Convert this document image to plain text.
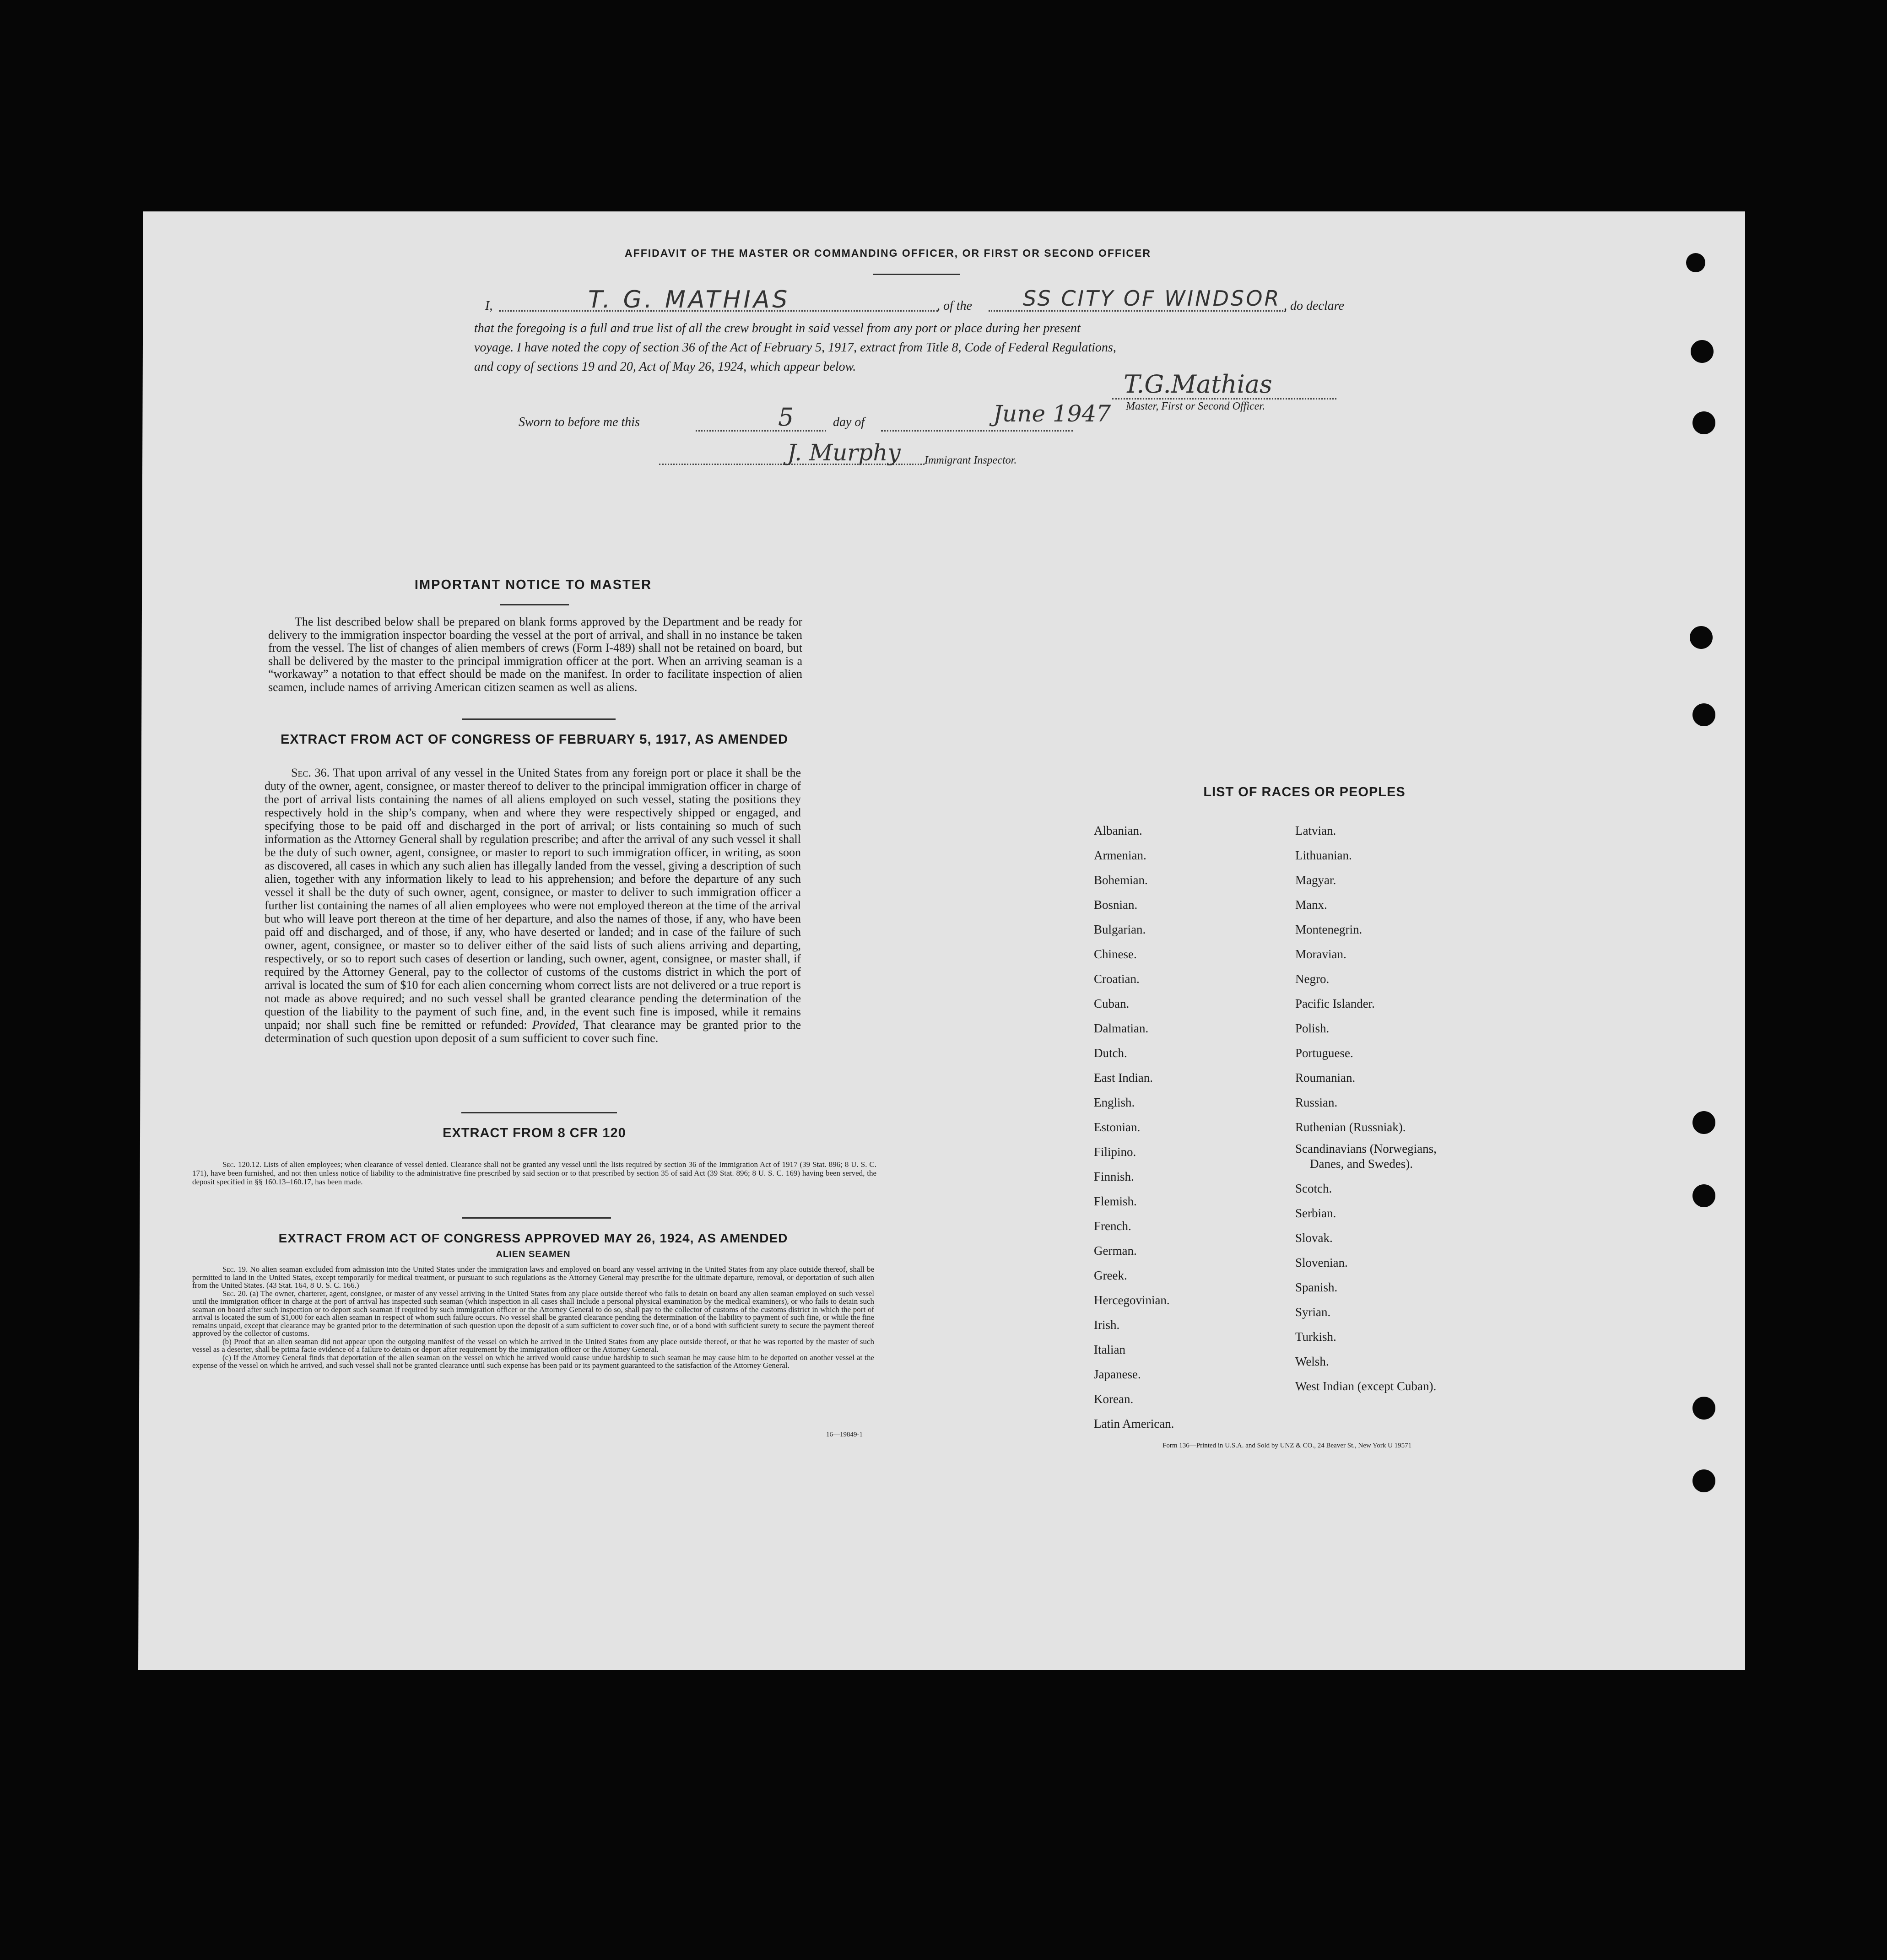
AFFIDAVIT OF THE MASTER OR COMMANDING OFFICER, OR FIRST OR SECOND OFFICER
I,	T. G. MATHIAS	, of the SS CITY OF WINDSOR , do declare
that the foregoing is a full and true list of all the crew brought in said vessel from any port or place during her present
voyage. I have noted the copy of section 36 of the Act of February 5, 1917, extract from Title 8, Code of Federal Regulations,
and copy of sections 19 and 20, Act of May 26, 1924, which appear below.
T.G.Mathias
Master, First or Second Officer.
Sworn to before me this	5	day of	June 1947
J. Murphy Immigrant Inspector.
IMPORTANT NOTICE TO MASTER
The list described below shall be prepared on blank forms approved by the Department and be ready for delivery to the immigration inspector boarding the vessel at the port of arrival, and shall in no instance be taken from the vessel. The list of changes of alien members of crews (Form I-489) shall not be retained on board, but shall be delivered by the master to the principal immigration officer at the port. When an arriving seaman is a “workaway” a notation to that effect should be made on the manifest. In order to facilitate inspection of alien seamen, include names of arriving American citizen seamen as well as aliens.
EXTRACT FROM ACT OF CONGRESS OF FEBRUARY 5, 1917, AS AMENDED
Sec. 36. That upon arrival of any vessel in the United States from any foreign port or place it shall be the duty of the owner, agent, consignee, or master thereof to deliver to the principal immigration officer in charge of the port of arrival lists containing the names of all aliens employed on such vessel, stating the positions they respectively hold in the ship’s company, when and where they were respectively shipped or engaged, and specifying those to be paid off and discharged in the port of arrival; or lists containing so much of such information as the Attorney General shall by regulation prescribe; and after the arrival of any such vessel it shall be the duty of such owner, agent, consignee, or master to report to such immigration officer, in writing, as soon as discovered, all cases in which any such alien has illegally landed from the vessel, giving a description of such alien, together with any information likely to lead to his apprehension; and before the departure of any such vessel it shall be the duty of such owner, agent, consignee, or master to deliver to such immigration officer a further list containing the names of all alien employees who were not employed thereon at the time of the arrival but who will leave port thereon at the time of her departure, and also the names of those, if any, who have been paid off and discharged, and of those, if any, who have deserted or landed; and in case of the failure of such owner, agent, consignee, or master so to deliver either of the said lists of such aliens arriving and departing, respectively, or so to report such cases of desertion or landing, such owner, agent, consignee, or master shall, if required by the Attorney General, pay to the collector of customs of the customs district in which the port of arrival is located the sum of $10 for each alien concerning whom correct lists are not delivered or a true report is not made as above required; and no such vessel shall be granted clearance pending the determination of the question of the liability to the payment of such fine, and, in the event such fine is imposed, while it remains unpaid; nor shall such fine be remitted or refunded: Provided, That clearance may be granted prior to the determination of such question upon deposit of a sum sufficient to cover such fine.
EXTRACT FROM 8 CFR 120
Sec. 120.12. Lists of alien employees; when clearance of vessel denied. Clearance shall not be granted any vessel until the lists required by section 36 of the Immigration Act of 1917 (39 Stat. 896; 8 U. S. C. 171), have been furnished, and not then unless notice of liability to the administrative fine prescribed by said section or to that prescribed by section 35 of said Act (39 Stat. 896; 8 U. S. C. 169) having been served, the deposit specified in §§ 160.13–160.17, has been made.
EXTRACT FROM ACT OF CONGRESS APPROVED MAY 26, 1924, AS AMENDED
ALIEN SEAMEN
Sec. 19. No alien seaman excluded from admission into the United States under the immigration laws and employed on board any vessel arriving in the United States from any place outside thereof, shall be permitted to land in the United States, except temporarily for medical treatment, or pursuant to such regulations as the Attorney General may prescribe for the ultimate departure, removal, or deportation of such alien from the United States. (43 Stat. 164, 8 U. S. C. 166.)
Sec. 20. (a) The owner, charterer, agent, consignee, or master of any vessel arriving in the United States from any place outside thereof who fails to detain on board any alien seaman employed on such vessel until the immigration officer in charge at the port of arrival has inspected such seaman (which inspection in all cases shall include a personal physical examination by the medical examiners), or who fails to detain such seaman on board after such inspection or to deport such seaman if required by such immigration officer or the Attorney General to do so, shall pay to the collector of customs of the customs district in which the port of arrival is located the sum of $1,000 for each alien seaman in respect of whom such failure occurs. No vessel shall be granted clearance pending the determination of the liability to payment of such fine, or while the fine remains unpaid, except that clearance may be granted prior to the determination of such question upon the deposit of a sum sufficient to cover such fine, or of a bond with sufficient surety to secure the payment thereof approved by the collector of customs.
(b) Proof that an alien seaman did not appear upon the outgoing manifest of the vessel on which he arrived in the United States from any place outside thereof, or that he was reported by the master of such vessel as a deserter, shall be prima facie evidence of a failure to detain or deport after requirement by the immigration officer or the Attorney General.
(c) If the Attorney General finds that deportation of the alien seaman on the vessel on which he arrived would cause undue hardship to such seaman he may cause him to be deported on another vessel at the expense of the vessel on which he arrived, and such vessel shall not be granted clearance until such expense has been paid or its payment guaranteed to the satisfaction of the Attorney General.
16—19849-1
LIST OF RACES OR PEOPLES
Albanian.
Armenian.
Bohemian.
Bosnian.
Bulgarian.
Chinese.
Croatian.
Cuban.
Dalmatian.
Dutch.
East Indian.
English.
Estonian.
Filipino.
Finnish.
Flemish.
French.
German.
Greek.
Hercegovinian.
Irish.
Italian
Japanese.
Korean.
Latin American.
Latvian.
Lithuanian.
Magyar.
Manx.
Montenegrin.
Moravian.
Negro.
Pacific Islander.
Polish.
Portuguese.
Roumanian.
Russian.
Ruthenian (Russniak).
Scandinavians (Norwegians,
Danes, and Swedes).
Scotch.
Serbian.
Slovak.
Slovenian.
Spanish.
Syrian.
Turkish.
Welsh.
West Indian (except Cuban).
Form 136—Printed in U.S.A. and Sold by UNZ & CO., 24 Beaver St., New York U 19571
